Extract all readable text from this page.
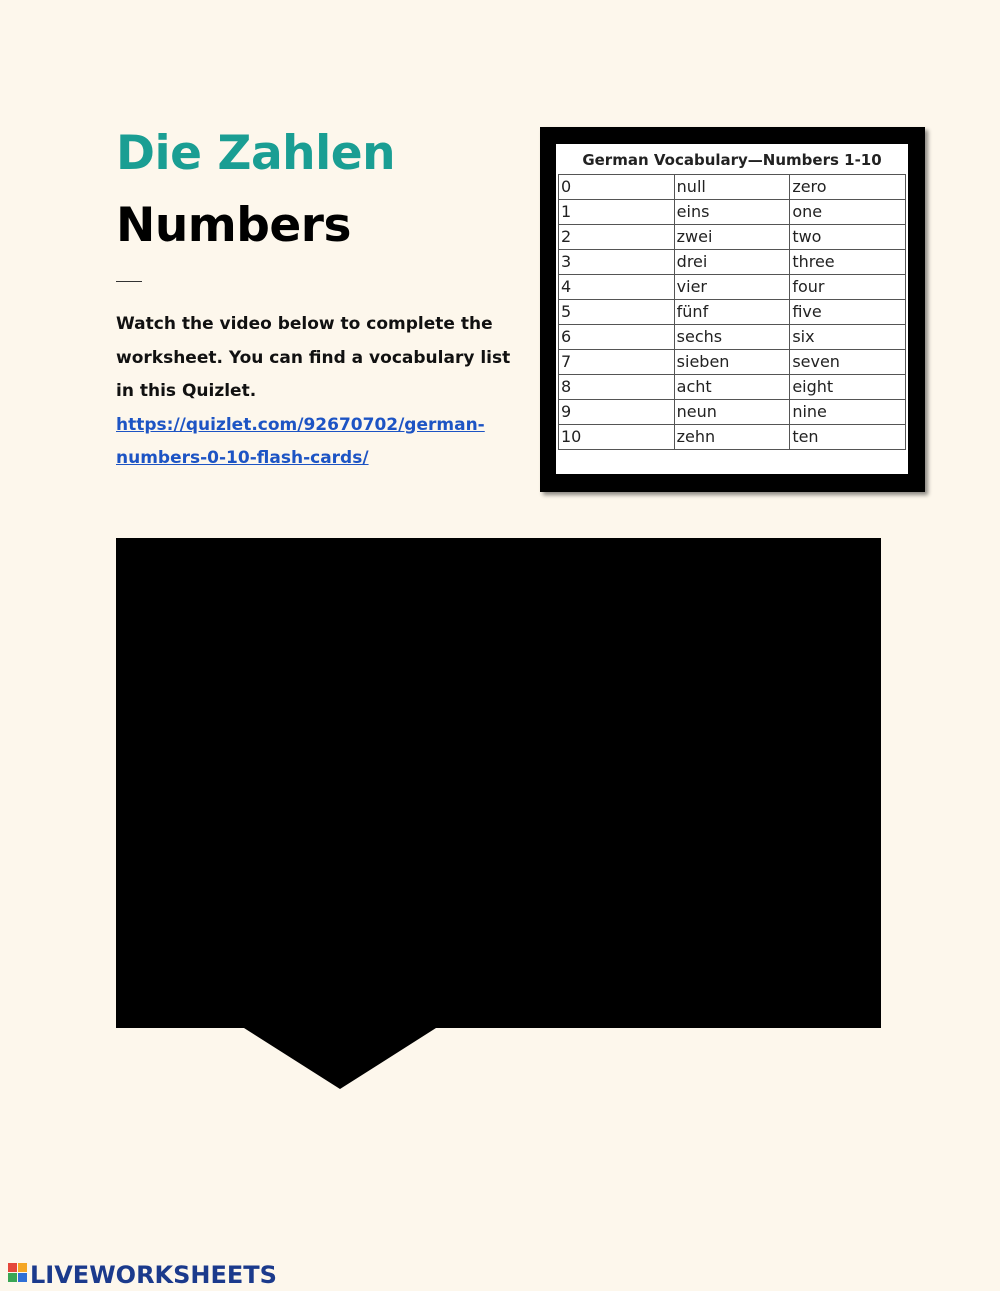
Die Zahlen
Numbers
Watch the video below to complete the worksheet. You can find a vocabulary list in this Quizlet.
https://quizlet.com/92670702/german-numbers-0-10-flash-cards/
German Vocabulary—Numbers 1-10
0	null	zero
1	eins	one
2	zwei	two
3	drei	three
4	vier	four
5	fünf	five
6	sechs	six
7	sieben	seven
8	acht	eight
9	neun	nine
10	zehn	ten
LIVEWORKSHEETS
